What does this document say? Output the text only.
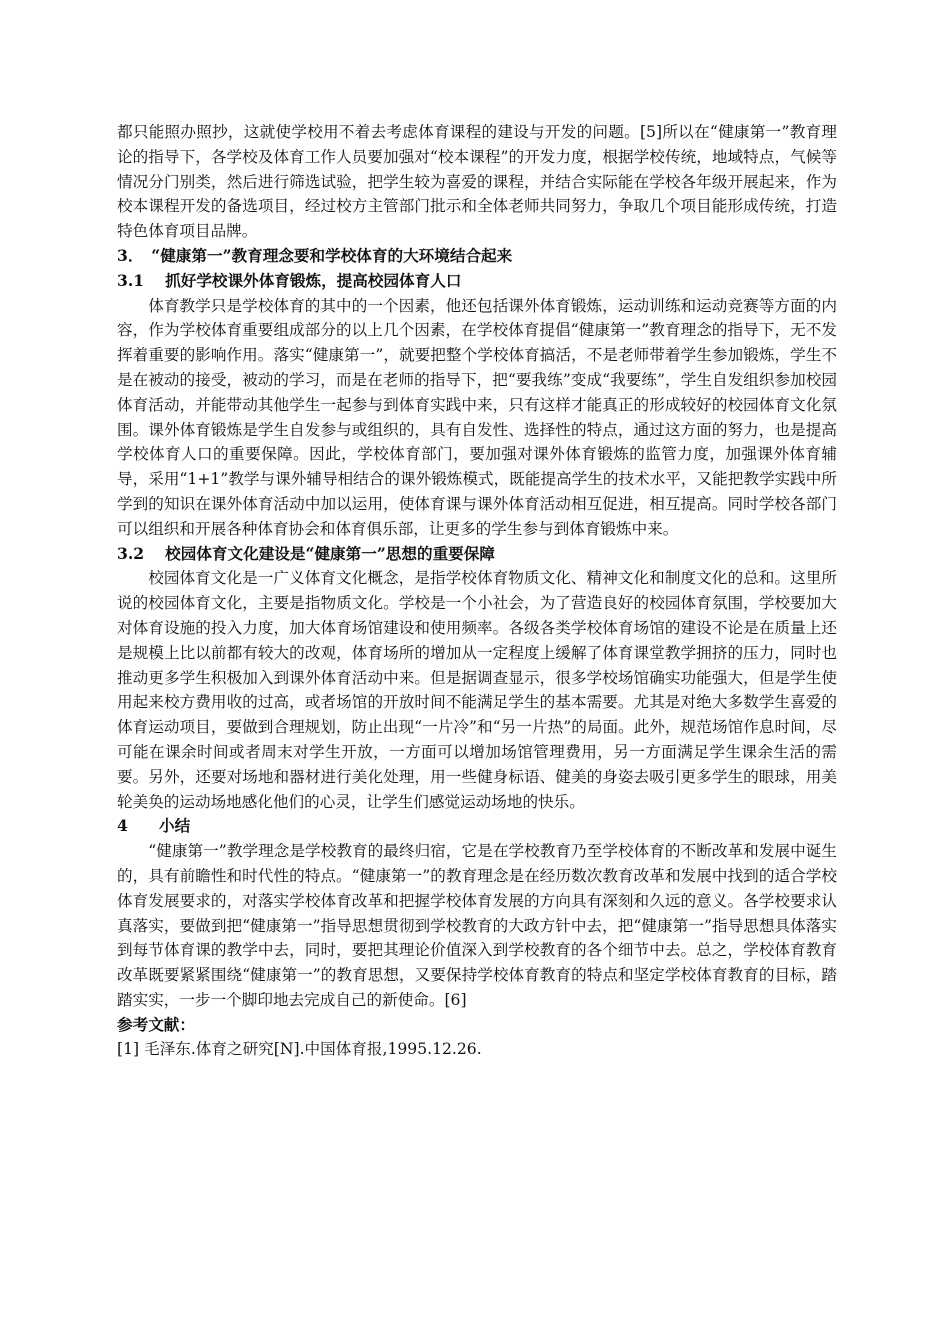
都只能照办照抄，这就使学校用不着去考虑体育课程的建设与开发的问题。[5]所以在“健康第一”教育理论的指导下，各学校及体育工作人员要加强对“校本课程”的开发力度，根据学校传统，地域特点，气候等情况分门别类，然后进行筛选试验，把学生较为喜爱的课程，并结合实际能在学校各年级开展起来，作为校本课程开发的备选项目，经过校方主管部门批示和全体老师共同努力，争取几个项目能形成传统，打造特色体育项目品牌。

3．　“健康第一”教育理念要和学校体育的大环境结合起来

3.1　 抓好学校课外体育锻炼，提高校园体育人口

体育教学只是学校体育的其中的一个因素，他还包括课外体育锻炼，运动训练和运动竞赛等方面的内容，作为学校体育重要组成部分的以上几个因素，在学校体育提倡“健康第一”教育理念的指导下，无不发挥着重要的影响作用。落实“健康第一”，就要把整个学校体育搞活，不是老师带着学生参加锻炼，学生不是在被动的接受，被动的学习，而是在老师的指导下，把“要我练”变成“我要练”，学生自发组织参加校园体育活动，并能带动其他学生一起参与到体育实践中来，只有这样才能真正的形成较好的校园体育文化氛围。课外体育锻炼是学生自发参与或组织的，具有自发性、选择性的特点，通过这方面的努力，也是提高学校体育人口的重要保障。因此，学校体育部门，要加强对课外体育锻炼的监管力度，加强课外体育辅导，采用“1+1”教学与课外辅导相结合的课外锻炼模式，既能提高学生的技术水平，又能把教学实践中所学到的知识在课外体育活动中加以运用，使体育课与课外体育活动相互促进，相互提高。同时学校各部门可以组织和开展各种体育协会和体育俱乐部，让更多的学生参与到体育锻炼中来。

3.2　 校园体育文化建设是“健康第一”思想的重要保障

校园体育文化是一广义体育文化概念，是指学校体育物质文化、精神文化和制度文化的总和。这里所说的校园体育文化，主要是指物质文化。学校是一个小社会，为了营造良好的校园体育氛围，学校要加大对体育设施的投入力度，加大体育场馆建设和使用频率。各级各类学校体育场馆的建设不论是在质量上还是规模上比以前都有较大的改观，体育场所的增加从一定程度上缓解了体育课堂教学拥挤的压力，同时也推动更多学生积极加入到课外体育活动中来。但是据调查显示，很多学校场馆确实功能强大，但是学生使用起来校方费用收的过高，或者场馆的开放时间不能满足学生的基本需要。尤其是对绝大多数学生喜爱的体育运动项目，要做到合理规划，防止出现“一片冷”和“另一片热”的局面。此外，规范场馆作息时间，尽可能在课余时间或者周末对学生开放，一方面可以增加场馆管理费用，另一方面满足学生课余生活的需要。另外，还要对场地和器材进行美化处理，用一些健身标语、健美的身姿去吸引更多学生的眼球，用美轮美奂的运动场地感化他们的心灵，让学生们感觉运动场地的快乐。

4　　小结

“健康第一”教学理念是学校教育的最终归宿，它是在学校教育乃至学校体育的不断改革和发展中诞生的，具有前瞻性和时代性的特点。“健康第一”的教育理念是在经历数次教育改革和发展中找到的适合学校体育发展要求的，对落实学校体育改革和把握学校体育发展的方向具有深刻和久远的意义。各学校要求认真落实，要做到把“健康第一”指导思想贯彻到学校教育的大政方针中去，把“健康第一”指导思想具体落实到每节体育课的教学中去，同时，要把其理论价值深入到学校教育的各个细节中去。总之，学校体育教育改革既要紧紧围绕“健康第一”的教育思想，又要保持学校体育教育的特点和坚定学校体育教育的目标，踏踏实实，一步一个脚印地去完成自己的新使命。[6]

参考文献：

[1] 毛泽东.体育之研究[N].中国体育报,1995.12.26.
